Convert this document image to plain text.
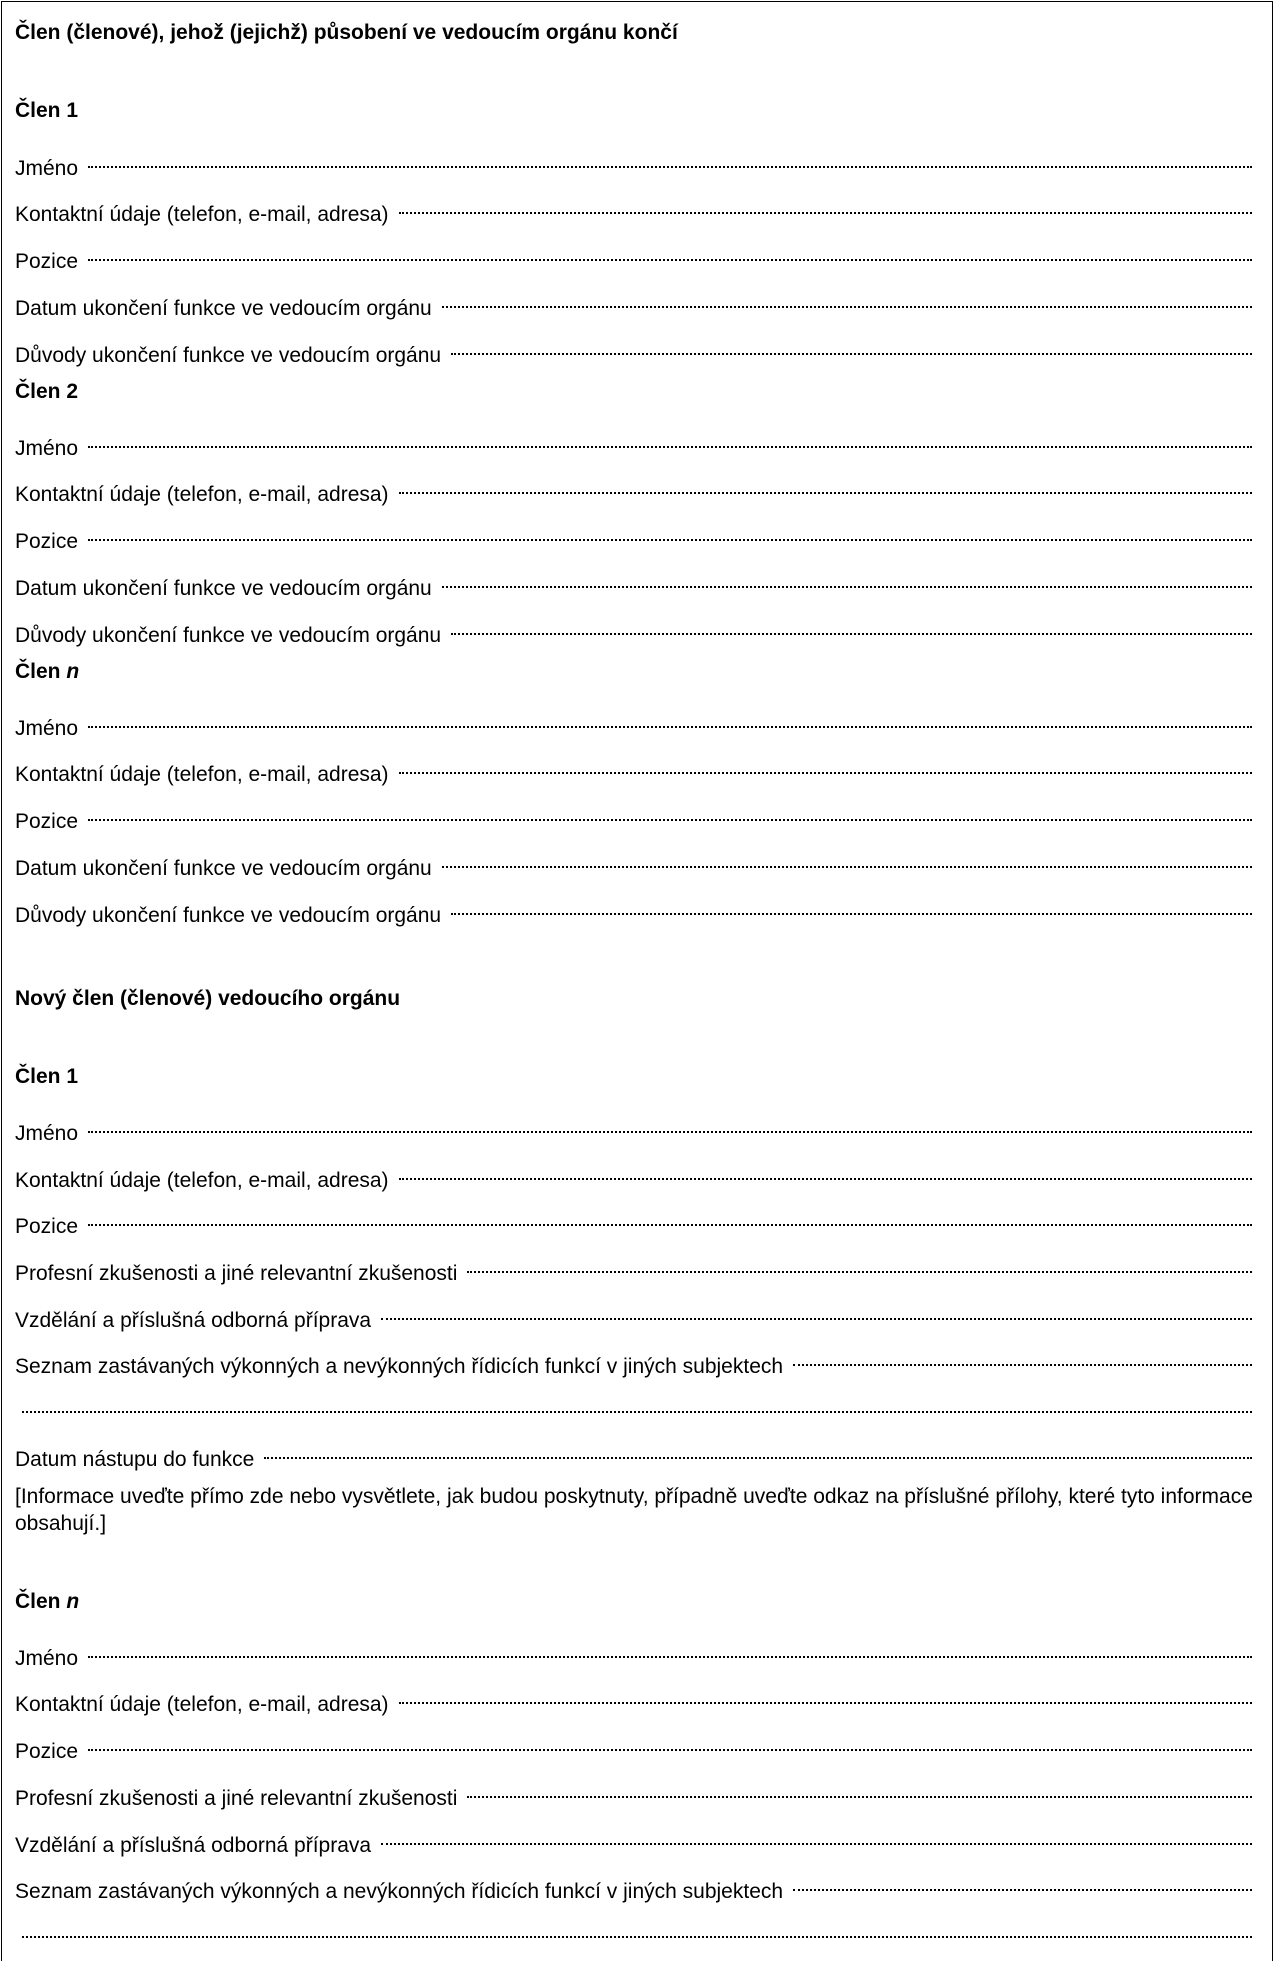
Člen (členové), jehož (jejichž) působení ve vedoucím orgánu končí
Člen 1
Jméno
Kontaktní údaje (telefon, e-mail, adresa)
Pozice
Datum ukončení funkce ve vedoucím orgánu
Důvody ukončení funkce ve vedoucím orgánu
Člen 2
Jméno
Kontaktní údaje (telefon, e-mail, adresa)
Pozice
Datum ukončení funkce ve vedoucím orgánu
Důvody ukončení funkce ve vedoucím orgánu
Člen n
Jméno
Kontaktní údaje (telefon, e-mail, adresa)
Pozice
Datum ukončení funkce ve vedoucím orgánu
Důvody ukončení funkce ve vedoucím orgánu
Nový člen (členové) vedoucího orgánu
Člen 1
Jméno
Kontaktní údaje (telefon, e-mail, adresa)
Pozice
Profesní zkušenosti a jiné relevantní zkušenosti
Vzdělání a příslušná odborná příprava
Seznam zastávaných výkonných a nevýkonných řídicích funkcí v jiných subjektech
Datum nástupu do funkce
[Informace uveďte přímo zde nebo vysvětlete, jak budou poskytnuty, případně uveďte odkaz na příslušné přílohy, které tyto informace obsahují.]
Člen n
Jméno
Kontaktní údaje (telefon, e-mail, adresa)
Pozice
Profesní zkušenosti a jiné relevantní zkušenosti
Vzdělání a příslušná odborná příprava
Seznam zastávaných výkonných a nevýkonných řídicích funkcí v jiných subjektech
